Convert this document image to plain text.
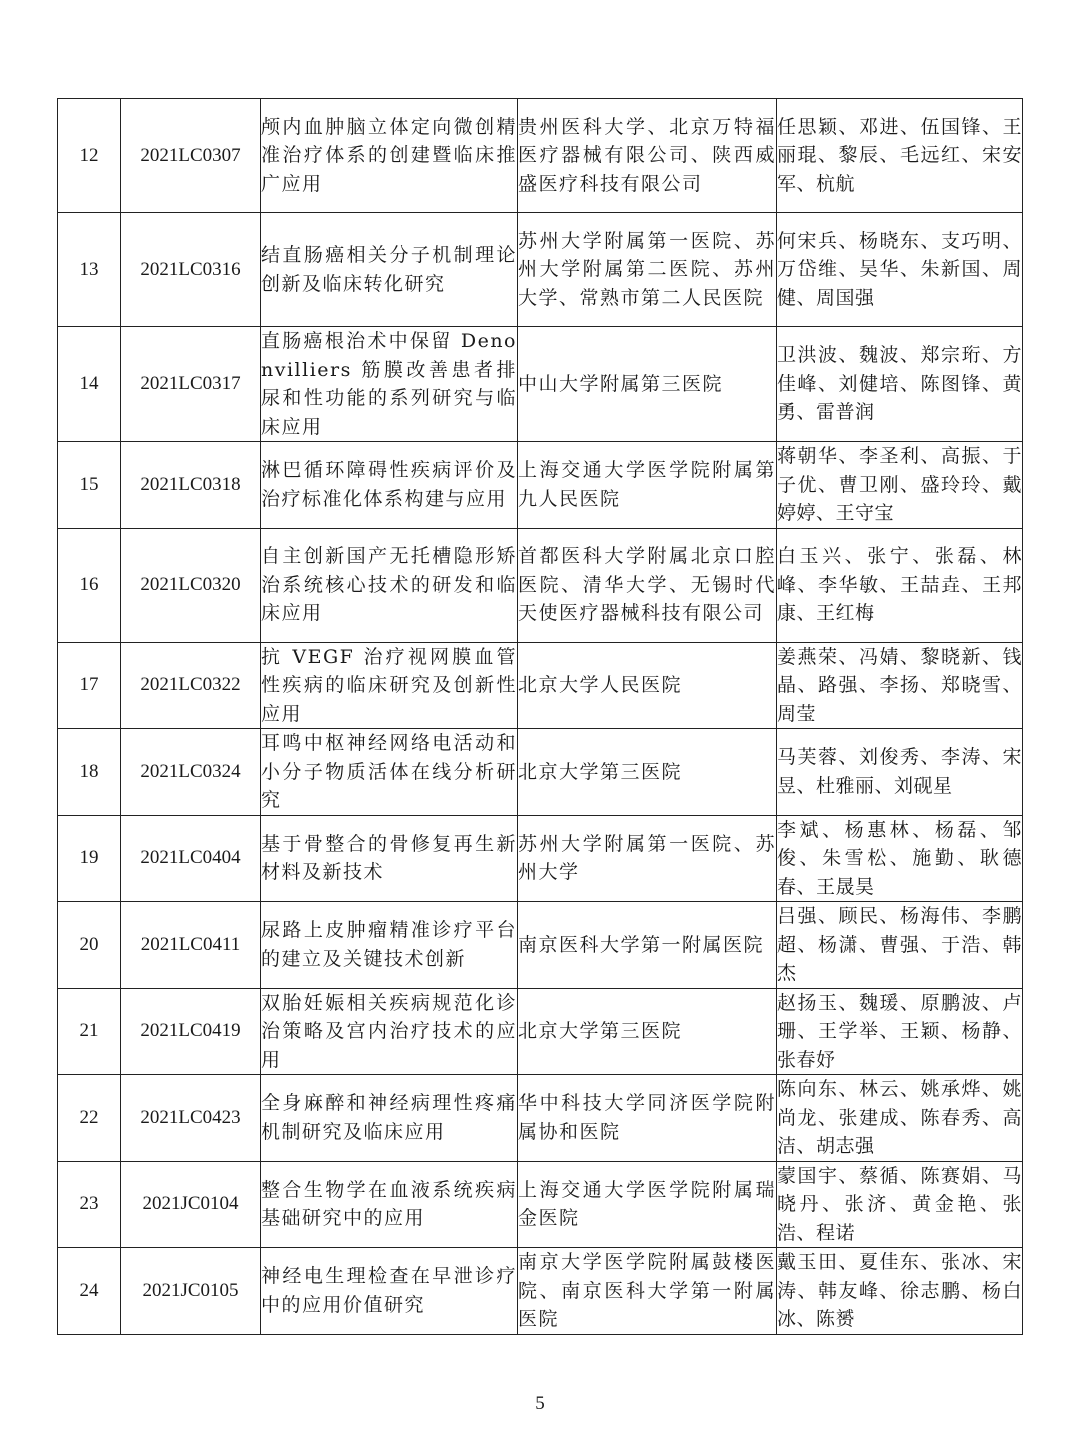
12	2021LC0307	颅内血肿脑立体定向微创精准治疗体系的创建暨临床推广应用	贵州医科大学、北京万特福医疗器械有限公司、陕西威盛医疗科技有限公司	任思颖、邓进、伍国锋、王丽琨、黎辰、毛远红、宋安军、杭航
13	2021LC0316	结直肠癌相关分子机制理论创新及临床转化研究	苏州大学附属第一医院、苏州大学附属第二医院、苏州大学、常熟市第二人民医院	何宋兵、杨晓东、支巧明、万岱维、吴华、朱新国、周健、周国强
14	2021LC0317	直肠癌根治术中保留 Denonvilliers 筋膜改善患者排尿和性功能的系列研究与临床应用	中山大学附属第三医院	卫洪波、魏波、郑宗珩、方佳峰、刘健培、陈图锋、黄勇、雷普润
15	2021LC0318	淋巴循环障碍性疾病评价及治疗标准化体系构建与应用	上海交通大学医学院附属第九人民医院	蒋朝华、李圣利、高振、于子优、曹卫刚、盛玲玲、戴婷婷、王守宝
16	2021LC0320	自主创新国产无托槽隐形矫治系统核心技术的研发和临床应用	首都医科大学附属北京口腔医院、清华大学、无锡时代天使医疗器械科技有限公司	白玉兴、张宁、张磊、林峰、李华敏、王喆垚、王邦康、王红梅
17	2021LC0322	抗 VEGF 治疗视网膜血管性疾病的临床研究及创新性应用	北京大学人民医院	姜燕荣、冯婧、黎晓新、钱晶、路强、李扬、郑晓雪、周莹
18	2021LC0324	耳鸣中枢神经网络电活动和小分子物质活体在线分析研究	北京大学第三医院	马芙蓉、刘俊秀、李涛、宋昱、杜雅丽、刘砚星
19	2021LC0404	基于骨整合的骨修复再生新材料及新技术	苏州大学附属第一医院、苏州大学	李斌、杨惠林、杨磊、邹俊、朱雪松、施勤、耿德春、王晟昊
20	2021LC0411	尿路上皮肿瘤精准诊疗平台的建立及关键技术创新	南京医科大学第一附属医院	吕强、顾民、杨海伟、李鹏超、杨潇、曹强、于浩、韩杰
21	2021LC0419	双胎妊娠相关疾病规范化诊治策略及宫内治疗技术的应用	北京大学第三医院	赵扬玉、魏瑗、原鹏波、卢珊、王学举、王颖、杨静、张春妤
22	2021LC0423	全身麻醉和神经病理性疼痛机制研究及临床应用	华中科技大学同济医学院附属协和医院	陈向东、林云、姚承烨、姚尚龙、张建成、陈春秀、高洁、胡志强
23	2021JC0104	整合生物学在血液系统疾病基础研究中的应用	上海交通大学医学院附属瑞金医院	蒙国宇、蔡循、陈赛娟、马晓丹、张济、黄金艳、张浩、程诺
24	2021JC0105	神经电生理检查在早泄诊疗中的应用价值研究	南京大学医学院附属鼓楼医院、南京医科大学第一附属医院	戴玉田、夏佳东、张冰、宋涛、韩友峰、徐志鹏、杨白冰、陈赟
5
